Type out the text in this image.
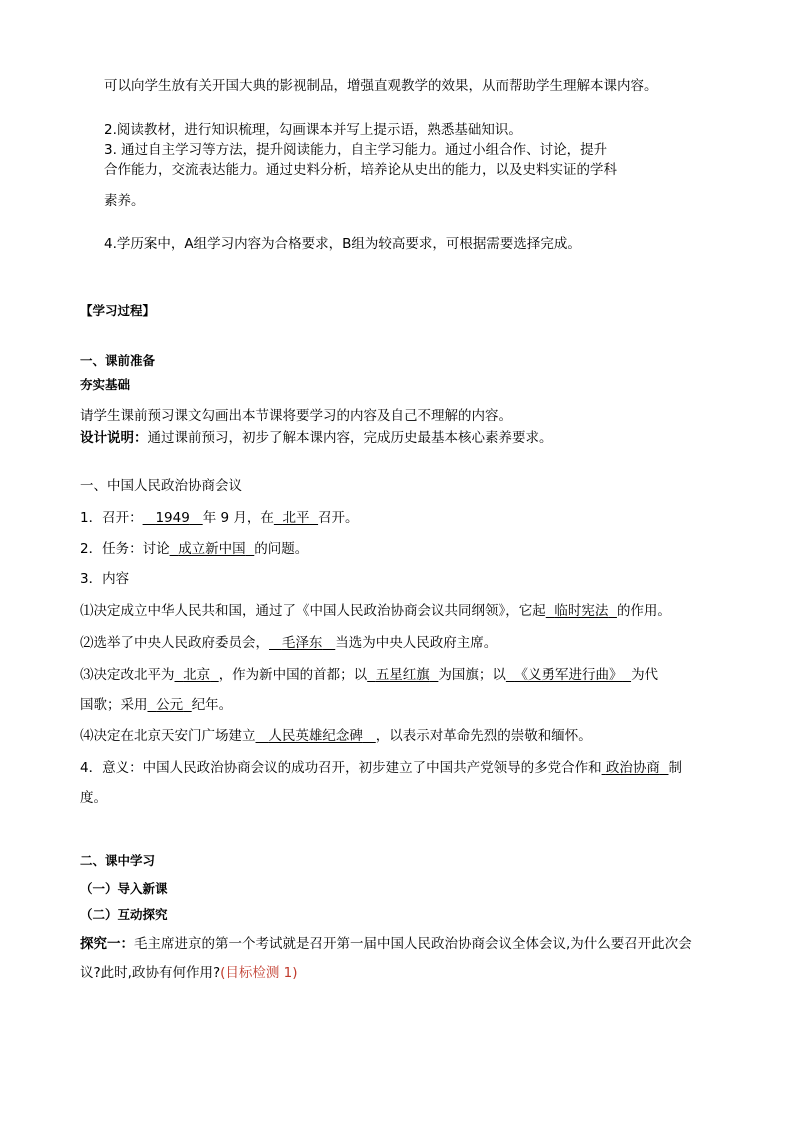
可以向学生放有关开国大典的影视制品，增强直观教学的效果，从而帮助学生理解本课内容。
2.阅读教材，进行知识梳理，勾画课本并写上提示语，熟悉基础知识。
3. 通过自主学习等方法，提升阅读能力，自主学习能力。通过小组合作、讨论，提升
合作能力，交流表达能力。通过史料分析，培养论从史出的能力，以及史料实证的学科
素养。
4.学历案中，A组学习内容为合格要求，B组为较高要求，可根据需要选择完成。
【学习过程】
一、课前准备
夯实基础
请学生课前预习课文勾画出本节课将要学习的内容及自己不理解的内容。
设计说明：通过课前预习，初步了解本课内容，完成历史最基本核心素养要求。
一、中国人民政治协商会议
1．召开： 1949 年 9 月，在 北平 召开。
2．任务：讨论 成立新中国 的问题。
3．内容
⑴决定成立中华人民共和国，通过了《中国人民政治协商会议共同纲领》，它起 临时宪法 的作用。
⑵选举了中央人民政府委员会， 毛泽东 当选为中央人民政府主席。
⑶决定改北平为 北京 ，作为新中国的首都；以 五星红旗 为国旗；以 《义勇军进行曲》 为代
国歌；采用 公元 纪年。
⑷决定在北京天安门广场建立 人民英雄纪念碑 ，以表示对革命先烈的崇敬和缅怀。
4．意义：中国人民政治协商会议的成功召开，初步建立了中国共产党领导的多党合作和 政治协商 制
度。
二、课中学习
（一）导入新课
（二）互动探究
探究一：毛主席进京的第一个考试就是召开第一届中国人民政治协商会议全体会议,为什么要召开此次会
议?此时,政协有何作用?(目标检测 1)
